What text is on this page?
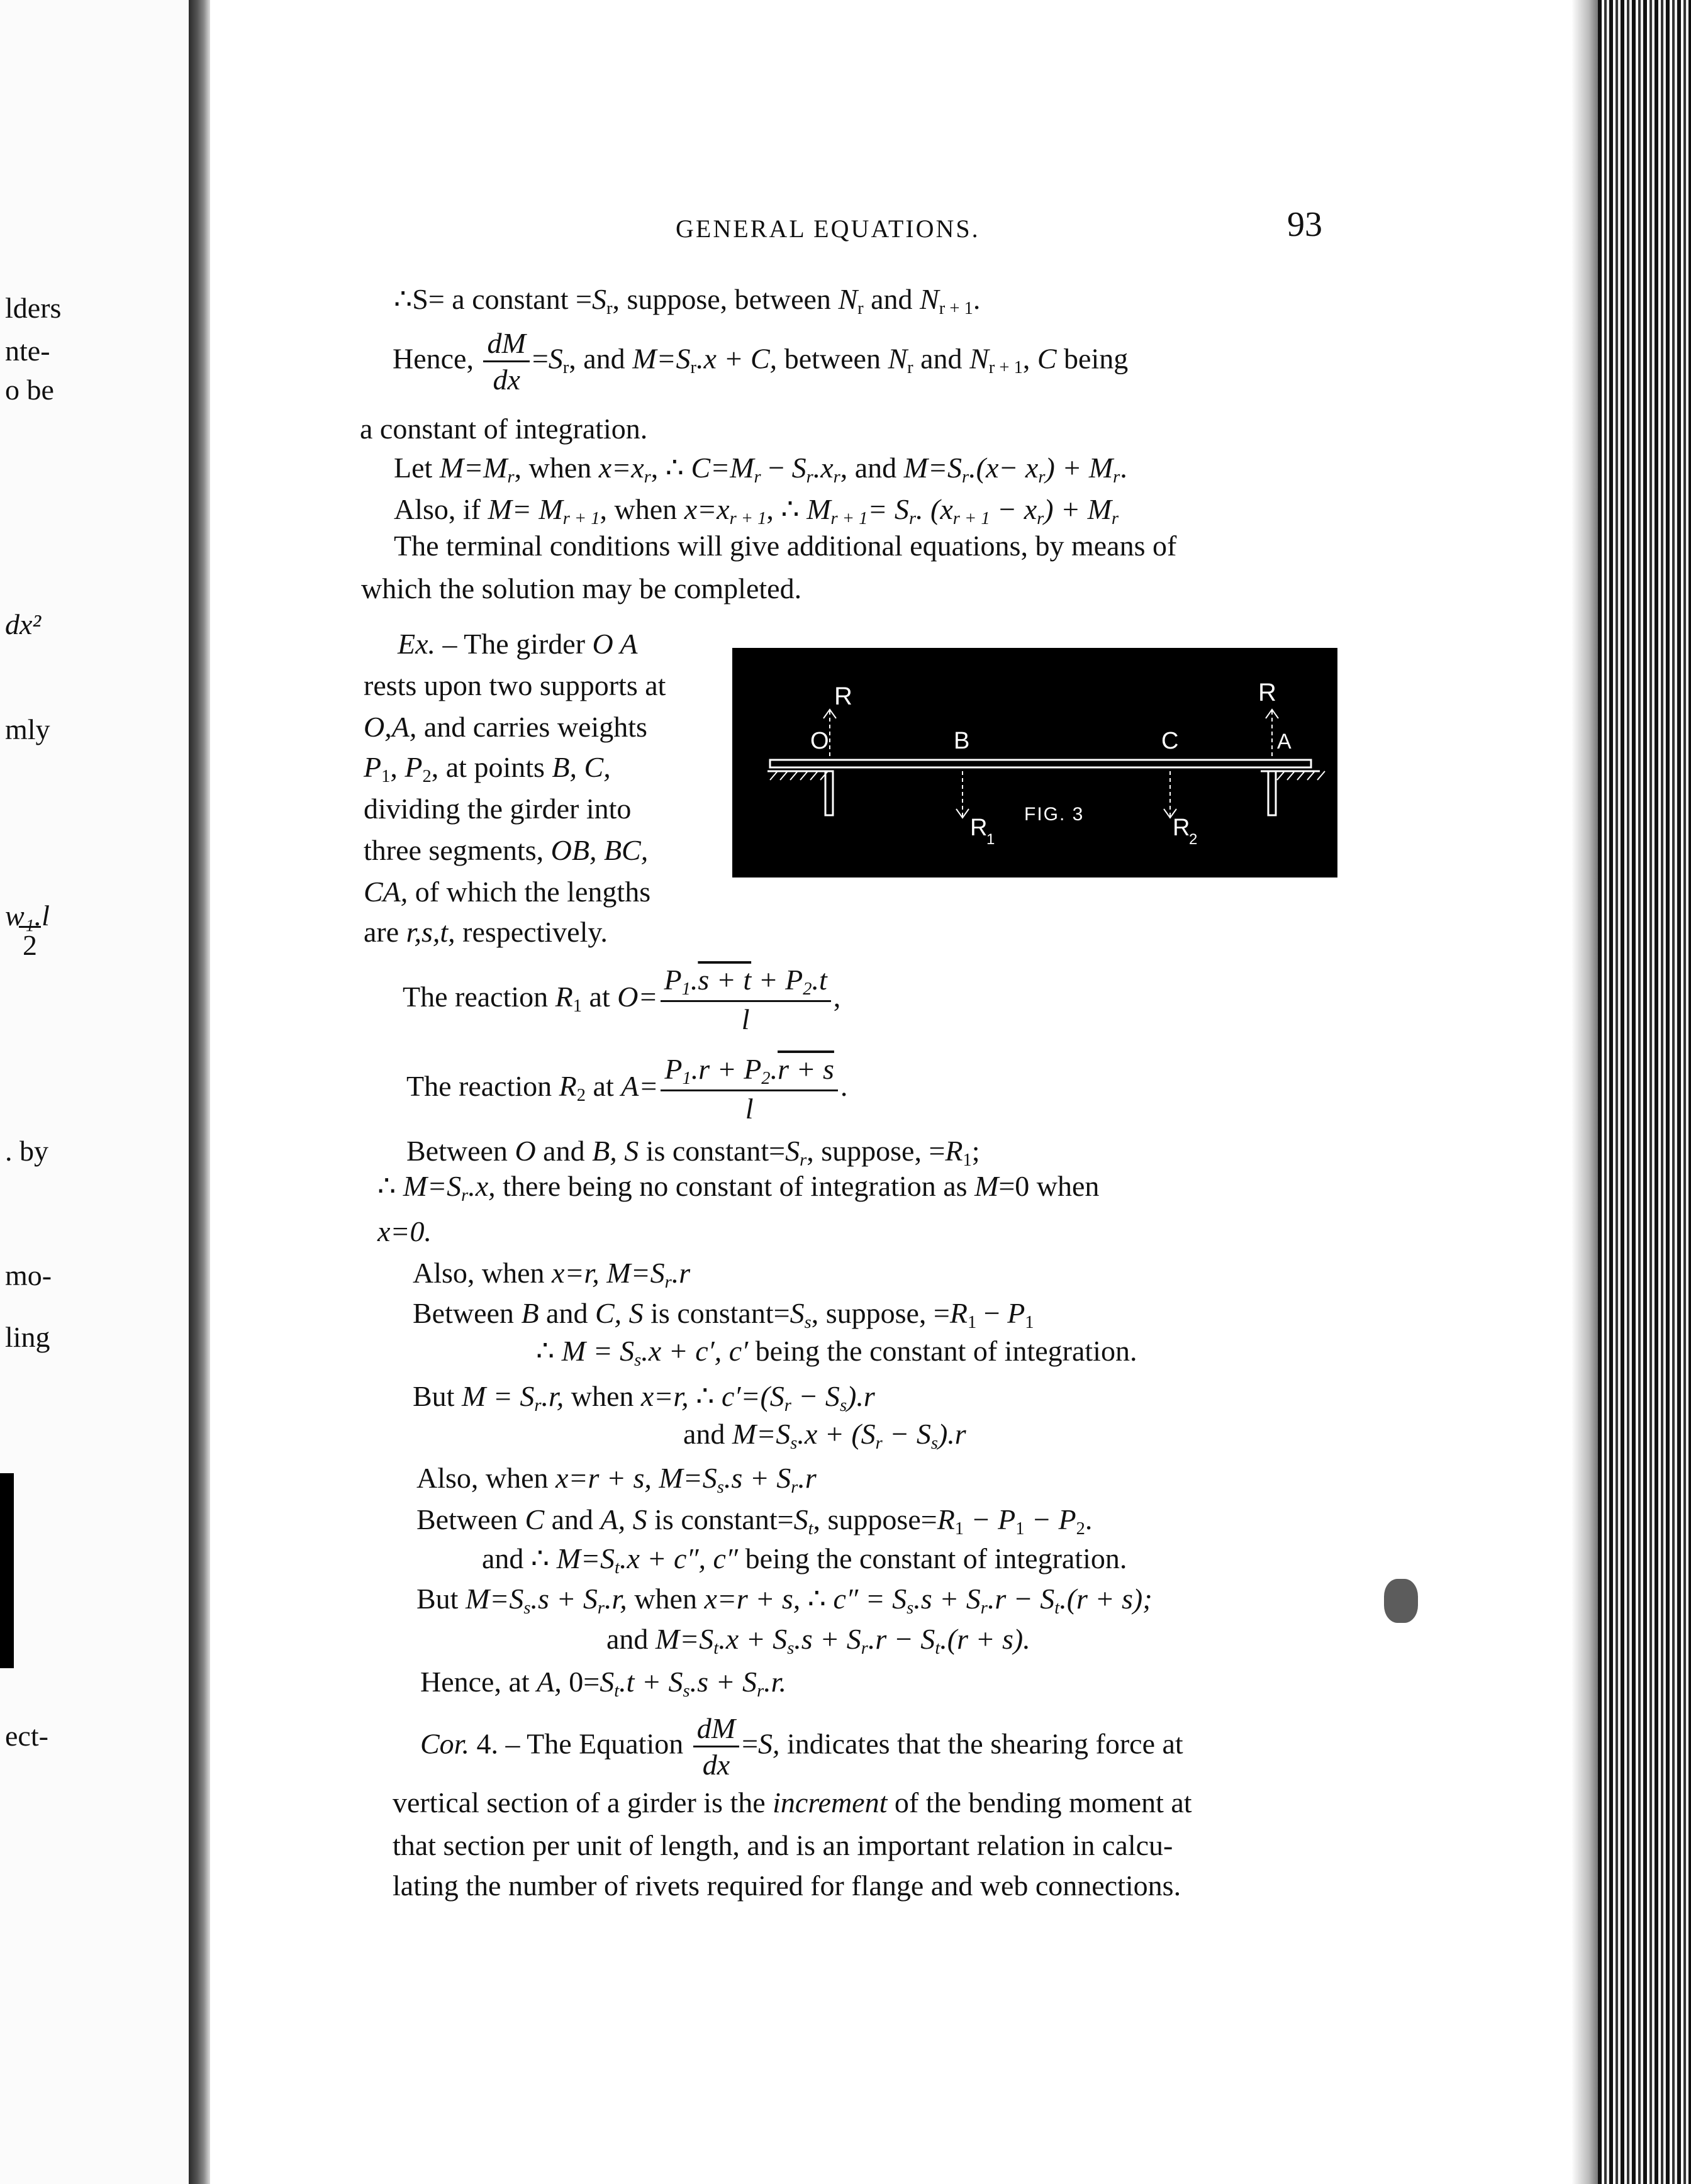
lders
nte-
o be
dx²
mly
w₁.l
2
. by
mo-
ling
ect-
GENERAL EQUATIONS.	93
∴S= a constant $=S_r$, suppose, between $N_r$ and $N_{r + 1}$.
Hence, $\frac{dM}{dx} =S_r$, and $M=S_r.x + C$, between $N_r$ and $N_{r + 1}$, C being
a constant of integration.
Let $M=M_r$, when $x=x_r$, ∴ $C=M_r - S_r.x_r$, and $M=S_r.(x- x_r) + M_r$.
Also, if $M= M_{r + 1}$, when $x=x_{r + 1}$, ∴ $M_{r + 1}= S_r$. $(x_{r + 1} - x_r) + M_r$
The terminal conditions will give additional equations, by means of
which the solution may be completed.
Ex. – The girder O A
rests upon two supports at
O,A, and carries weights
$P_1$, $P_2$, at points B, C,
dividing the girder into
three segments, OB, BC,
CA, of which the lengths
are r,s,t, respectively.
R	R
O	B	C	A
R
1	R
2
FIG. 3
The reaction $R_1$ at $O= \frac{P_1.s + t + P_2.t}{l}$ ,
The reaction $R_2$ at $A= \frac{P_1.r + P_2.r + s}{l}$ .
Between O and B, S is $constant=S_r$, suppose, $=R_1$;
∴ $M=S_r.x$, there being no constant of integration as M=0 when
x=0.
Also, when x=r, $M=S_r.r$
Between B and C, S is $constant=S_s$, suppose, $=R_1 - P_1$
∴ $M = S_s.x + c'$, c′ being the constant of integration.
But $M = S_r.r$, when x=r, ∴ $c'=(S_r - S_s).r$
and $M=S_s.x + (S_r - S_s).r$
Also, when x=r + s, $M=S_s.s + S_r.r$
Between C and A, S is $constant=S_t$, $suppose=R_1 - P_1 - P_2$.
and ∴ $M=S_t.x + c''$, c″ being the constant of integration.
But $M=S_s.s + S_r.r$, when x=r + s, ∴ $c'' = S_s.s + S_r.r - S_t.(r + s)$;
and $M=S_t.x + S_s.s + S_r.r - S_t.(r + s)$.
Hence, at A, $0=S_t.t + S_s.s + S_r.r$.
Cor. 4. – The Equation $\frac{dM}{dx} =S$, indicates that the shearing force at
vertical section of a girder is the increment of the bending moment at
that section per unit of length, and is an important relation in calcu-
lating the number of rivets required for flange and web connections.
